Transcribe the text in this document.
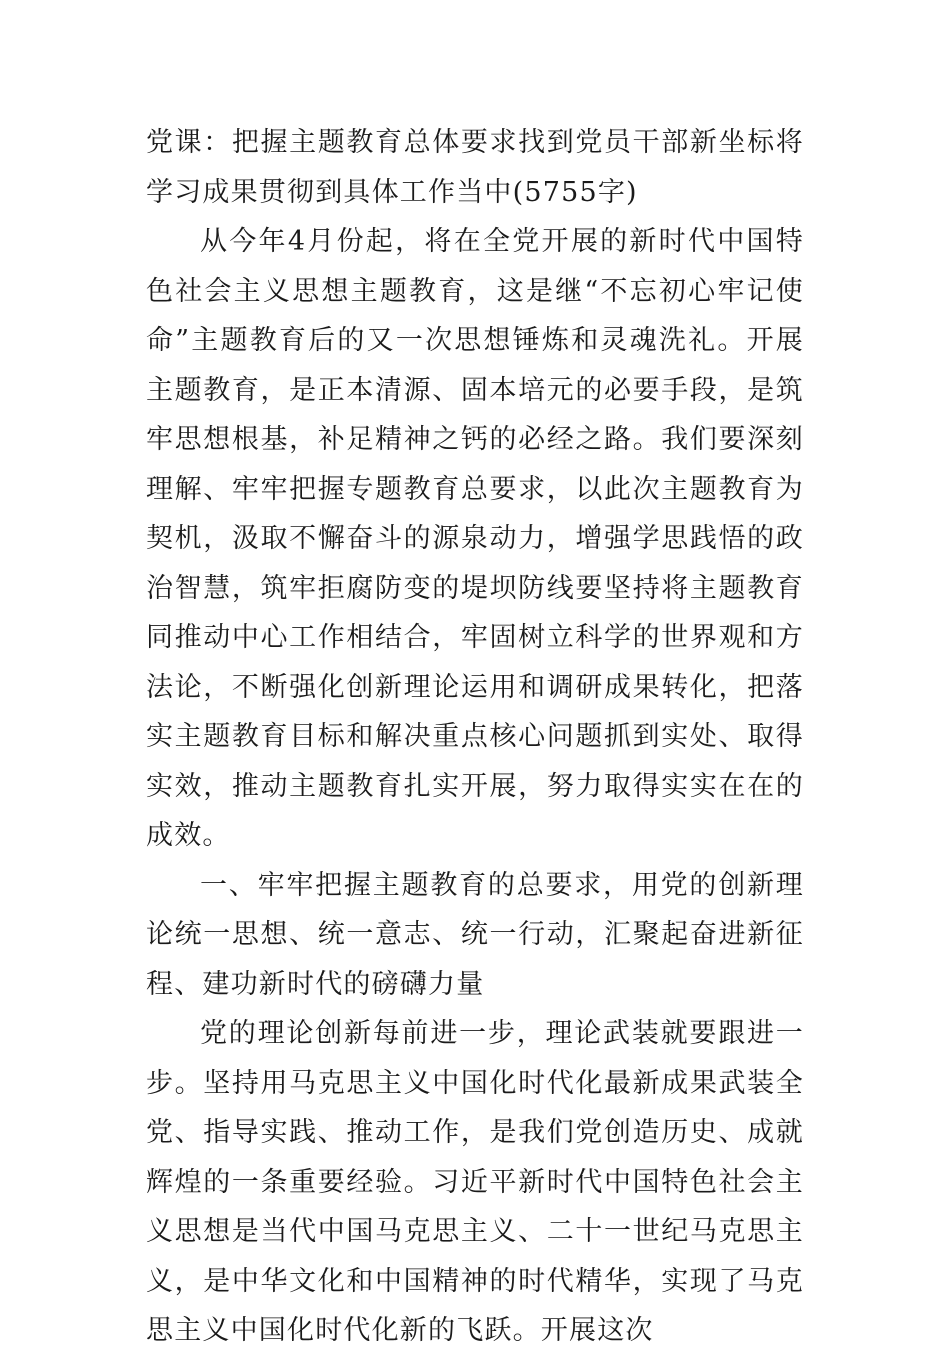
党课：把握主题教育总体要求找到党员干部新坐标将学习成果贯彻到具体工作当中(5755字)

从今年4月份起，将在全党开展的新时代中国特色社会主义思想主题教育，这是继“不忘初心牢记使命”主题教育后的又一次思想锤炼和灵魂洗礼。开展主题教育，是正本清源、固本培元的必要手段，是筑牢思想根基，补足精神之钙的必经之路。我们要深刻理解、牢牢把握专题教育总要求，以此次主题教育为契机，汲取不懈奋斗的源泉动力，增强学思践悟的政治智慧，筑牢拒腐防变的堤坝防线要坚持将主题教育同推动中心工作相结合，牢固树立科学的世界观和方法论，不断强化创新理论运用和调研成果转化，把落实主题教育目标和解决重点核心问题抓到实处、取得实效，推动主题教育扎实开展，努力取得实实在在的成效。

一、牢牢把握主题教育的总要求，用党的创新理论统一思想、统一意志、统一行动，汇聚起奋进新征程、建功新时代的磅礴力量

党的理论创新每前进一步，理论武装就要跟进一步。坚持用马克思主义中国化时代化最新成果武装全党、指导实践、推动工作，是我们党创造历史、成就辉煌的一条重要经验。习近平新时代中国特色社会主义思想是当代中国马克思主义、二十一世纪马克思主义，是中华文化和中国精神的时代精华，实现了马克思主义中国化时代化新的飞跃。开展这次
